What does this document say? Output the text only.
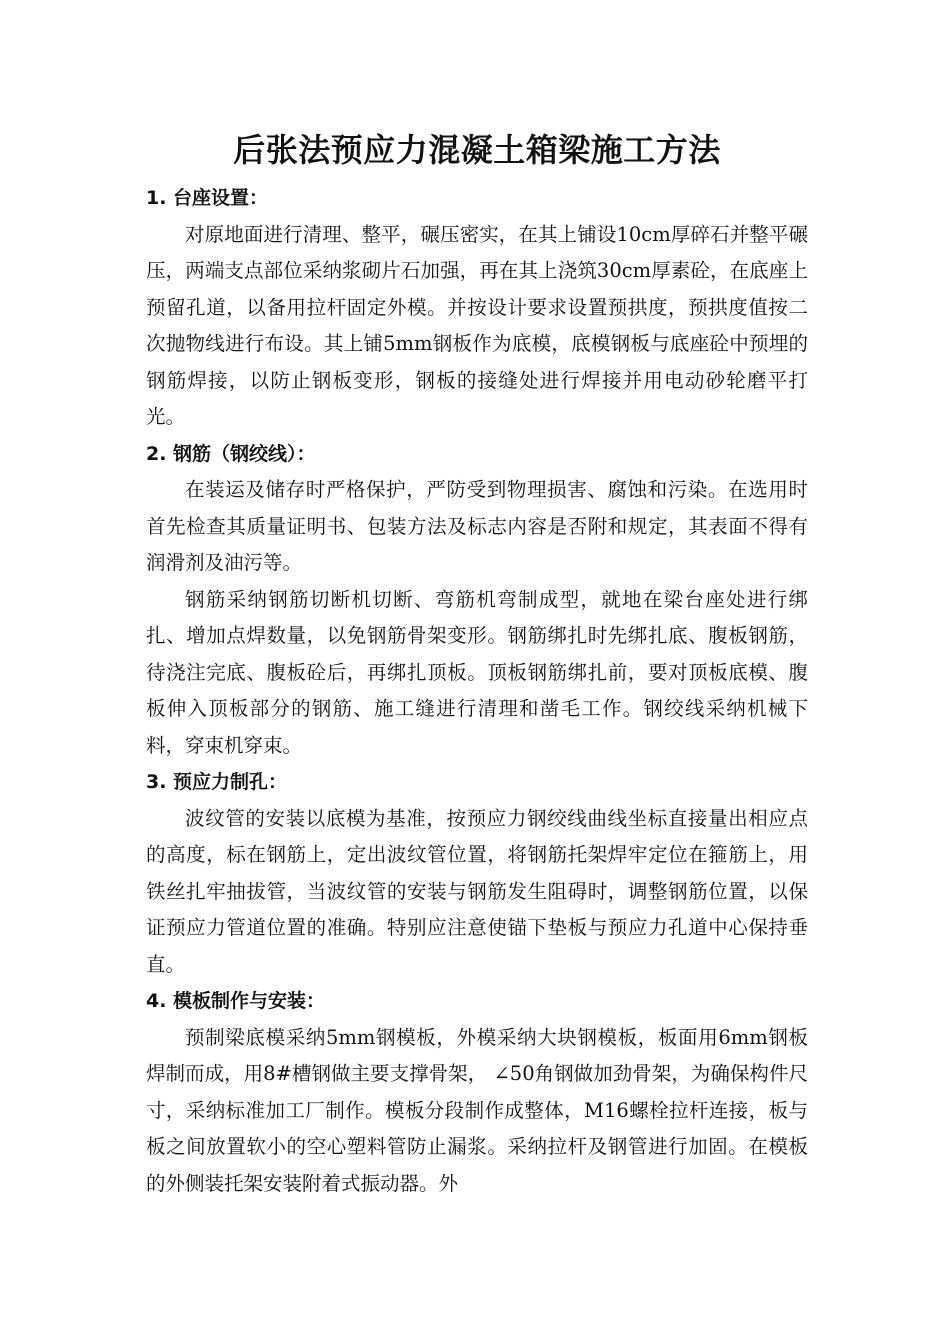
后张法预应力混凝土箱梁施工方法

1. 台座设置：

对原地面进行清理、整平，碾压密实，在其上铺设10cm厚碎石并整平碾压，两端支点部位采纳浆砌片石加强，再在其上浇筑30cm厚素砼，在底座上预留孔道，以备用拉杆固定外模。并按设计要求设置预拱度，预拱度值按二次抛物线进行布设。其上铺5mm钢板作为底模，底模钢板与底座砼中预埋的钢筋焊接，以防止钢板变形，钢板的接缝处进行焊接并用电动砂轮磨平打光。

2. 钢筋（钢绞线）：

在装运及储存时严格保护，严防受到物理损害、腐蚀和污染。在选用时首先检查其质量证明书、包装方法及标志内容是否附和规定，其表面不得有润滑剂及油污等。

钢筋采纳钢筋切断机切断、弯筋机弯制成型，就地在梁台座处进行绑扎、增加点焊数量，以免钢筋骨架变形。钢筋绑扎时先绑扎底、腹板钢筋，待浇注完底、腹板砼后，再绑扎顶板。顶板钢筋绑扎前，要对顶板底模、腹板伸入顶板部分的钢筋、施工缝进行清理和凿毛工作。钢绞线采纳机械下料，穿束机穿束。

3. 预应力制孔：

波纹管的安装以底模为基准，按预应力钢绞线曲线坐标直接量出相应点的高度，标在钢筋上，定出波纹管位置，将钢筋托架焊牢定位在箍筋上，用铁丝扎牢抽拔管，当波纹管的安装与钢筋发生阻碍时，调整钢筋位置，以保证预应力管道位置的准确。特别应注意使锚下垫板与预应力孔道中心保持垂直。

4. 模板制作与安装：

预制梁底模采纳5mm钢模板，外模采纳大块钢模板，板面用6mm钢板焊制而成，用8#槽钢做主要支撑骨架， ∠50角钢做加劲骨架，为确保构件尺寸，采纳标准加工厂制作。模板分段制作成整体，M16螺栓拉杆连接，板与板之间放置软小的空心塑料管防止漏浆。采纳拉杆及钢管进行加固。在模板的外侧装托架安装附着式振动器。外
